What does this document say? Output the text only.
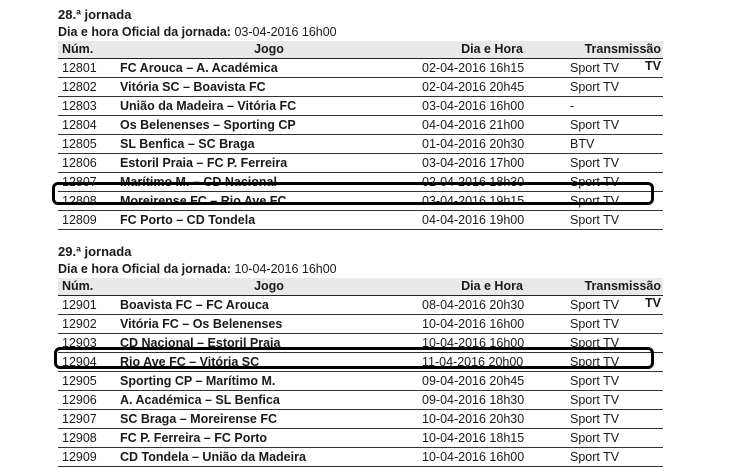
28.ª jornada
Dia e hora Oficial da jornada: 03-04-2016 16h00
Núm.	Jogo	Dia e Hora	Transmissão TV
12801	FC Arouca – A. Académica	02-04-2016 16h15	Sport TV
12802	Vitória SC – Boavista FC	02-04-2016 20h45	Sport TV
12803	União da Madeira – Vitória FC	03-04-2016 16h00	-
12804	Os Belenenses – Sporting CP	04-04-2016 21h00	Sport TV
12805	SL Benfica – SC Braga	01-04-2016 20h30	BTV
12806	Estoril Praia – FC P. Ferreira	03-04-2016 17h00	Sport TV
12807	Marítimo M. – CD Nacional	02-04-2016 18h30	Sport TV
12808	Moreirense FC – Rio Ave FC	03-04-2016 19h15	Sport TV
12809	FC Porto – CD Tondela	04-04-2016 19h00	Sport TV
29.ª jornada
Dia e hora Oficial da jornada: 10-04-2016 16h00
Núm.	Jogo	Dia e Hora	Transmissão TV
12901	Boavista FC – FC Arouca	08-04-2016 20h30	Sport TV
12902	Vitória FC – Os Belenenses	10-04-2016 16h00	Sport TV
12903	CD Nacional – Estoril Praia	10-04-2016 16h00	Sport TV
12904	Rio Ave FC – Vitória SC	11-04-2016 20h00	Sport TV
12905	Sporting CP – Marítimo M.	09-04-2016 20h45	Sport TV
12906	A. Académica – SL Benfica	09-04-2016 18h30	Sport TV
12907	SC Braga – Moreirense FC	10-04-2016 20h30	Sport TV
12908	FC P. Ferreira – FC Porto	10-04-2016 18h15	Sport TV
12909	CD Tondela – União da Madeira	10-04-2016 16h00	Sport TV
